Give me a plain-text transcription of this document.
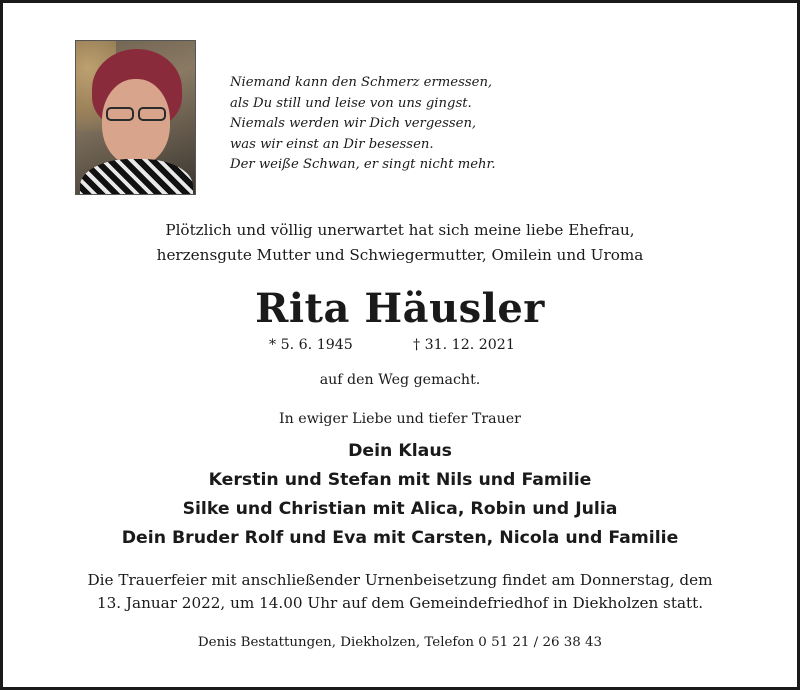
Niemand kann den Schmerz ermessen,
als Du still und leise von uns gingst.
Niemals werden wir Dich vergessen,
was wir einst an Dir besessen.
Der weiße Schwan, er singt nicht mehr.
Plötzlich und völlig unerwartet hat sich meine liebe Ehefrau,
herzensgute Mutter und Schwiegermutter, Omilein und Uroma
Rita Häusler
* 5. 6. 1945	† 31. 12. 2021

auf den Weg gemacht.
In ewiger Liebe und tiefer Trauer
Dein Klaus
Kerstin und Stefan mit Nils und Familie
Silke und Christian mit Alica, Robin und Julia
Dein Bruder Rolf und Eva mit Carsten, Nicola und Familie
Die Trauerfeier mit anschließender Urnenbeisetzung findet am Donnerstag, dem
13. Januar 2022, um 14.00 Uhr auf dem Gemeindefriedhof in Diekholzen statt.
Denis Bestattungen, Diekholzen, Telefon 0 51 21 / 26 38 43
